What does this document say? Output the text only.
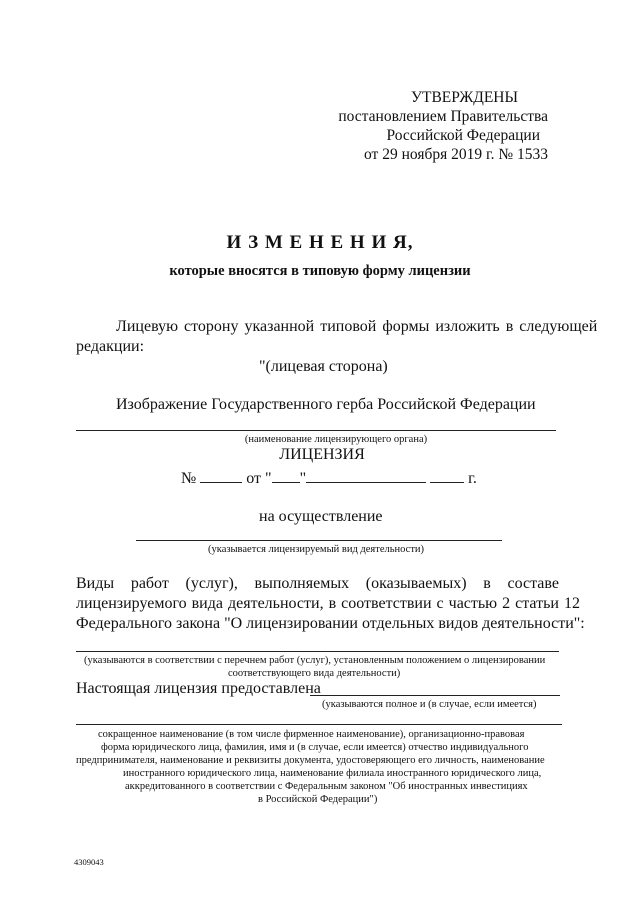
УТВЕРЖДЕНЫ
постановлением Правительства
Российской Федерации
от 29 ноября 2019 г. № 1533
И З М Е Н Е Н И Я,
которые вносятся в типовую форму лицензии
Лицевую сторону указанной типовой формы изложить в следующей
редакции:
"(лицевая сторона)
Изображение Государственного герба Российской Федерации
(наименование лицензирующего органа)
ЛИЦЕНЗИЯ
№	от " "	г.
на осуществление
(указывается лицензируемый вид деятельности)
Виды работ (услуг), выполняемых (оказываемых) в составе
лицензируемого вида деятельности, в соответствии с частью 2 статьи 12
Федерального закона "О лицензировании отдельных видов деятельности":
(указываются в соответствии с перечнем работ (услуг), установленным положением о лицензировании
соответствующего вида деятельности)
Настоящая лицензия предоставлена
(указываются полное и (в случае, если имеется)
сокращенное наименование (в том числе фирменное наименование), организационно-правовая
форма юридического лица, фамилия, имя и (в случае, если имеется) отчество индивидуального
предпринимателя, наименование и реквизиты документа, удостоверяющего его личность, наименование
иностранного юридического лица, наименование филиала иностранного юридического лица,
аккредитованного в соответствии с Федеральным законом "Об иностранных инвестициях
в Российской Федерации")
4309043
